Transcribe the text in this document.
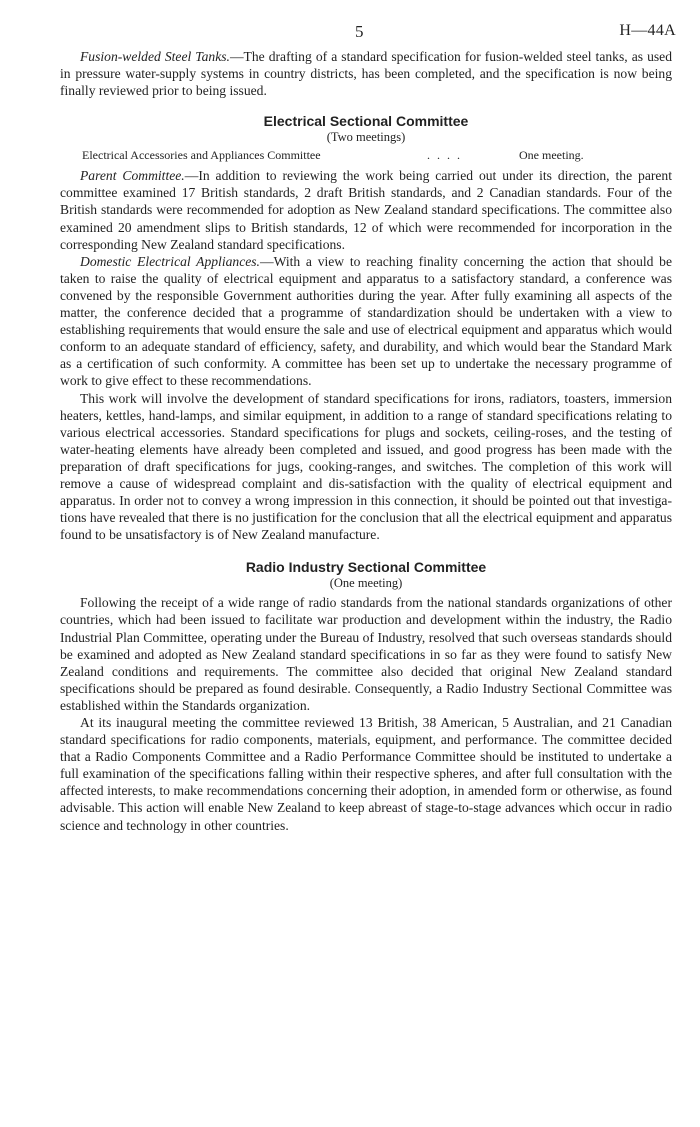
5	H—44A

Fusion-welded Steel Tanks.—The drafting of a standard specification for fusion-welded steel tanks, as used in pressure water-supply systems in country districts, has been completed, and the specification is now being finally reviewed prior to being issued.

Electrical Sectional Committee
(Two meetings)
Electrical Accessories and Appliances Committee	. . . .	One meeting.

Parent Committee.—In addition to reviewing the work being carried out under its direction, the parent committee examined 17 British standards, 2 draft British standards, and 2 Canadian standards. Four of the British standards were recommended for adoption as New Zealand standard specifications. The committee also examined 20 amendment slips to British standards, 12 of which were recommended for incorporation in the corresponding New Zealand standard specifications.

Domestic Electrical Appliances.—With a view to reaching finality concerning the action that should be taken to raise the quality of electrical equipment and apparatus to a satisfactory standard, a conference was convened by the responsible Government authorities during the year. After fully examining all aspects of the matter, the conference decided that a programme of standardization should be undertaken with a view to establishing requirements that would ensure the sale and use of electrical equipment and apparatus which would conform to an adequate standard of efficiency, safety, and durability, and which would bear the Standard Mark as a certification of such conformity. A committee has been set up to undertake the necessary programme of work to give effect to these recommendations.

This work will involve the development of standard specifications for irons, radiators, toasters, immersion heaters, kettles, hand-lamps, and similar equipment, in addition to a range of standard specifications relating to various electrical accessories. Standard specifications for plugs and sockets, ceiling-roses, and the testing of water-heating elements have already been completed and issued, and good progress has been made with the preparation of draft specifications for jugs, cooking-ranges, and switches. The completion of this work will remove a cause of widespread complaint and dis-satisfaction with the quality of electrical equipment and apparatus. In order not to convey a wrong impression in this connection, it should be pointed out that investiga-tions have revealed that there is no justification for the conclusion that all the electrical equipment and apparatus found to be unsatisfactory is of New Zealand manufacture.

Radio Industry Sectional Committee
(One meeting)

Following the receipt of a wide range of radio standards from the national standards organizations of other countries, which had been issued to facilitate war production and development within the industry, the Radio Industrial Plan Committee, operating under the Bureau of Industry, resolved that such overseas standards should be examined and adopted as New Zealand standard specifications in so far as they were found to satisfy New Zealand conditions and requirements. The committee also decided that original New Zealand standard specifications should be prepared as found desirable. Consequently, a Radio Industry Sectional Committee was established within the Standards organization.

At its inaugural meeting the committee reviewed 13 British, 38 American, 5 Australian, and 21 Canadian standard specifications for radio components, materials, equipment, and performance. The committee decided that a Radio Components Committee and a Radio Performance Committee should be instituted to undertake a full examination of the specifications falling within their respective spheres, and after full consultation with the affected interests, to make recommendations concerning their adoption, in amended form or otherwise, as found advisable. This action will enable New Zealand to keep abreast of stage-to-stage advances which occur in radio science and technology in other countries.
